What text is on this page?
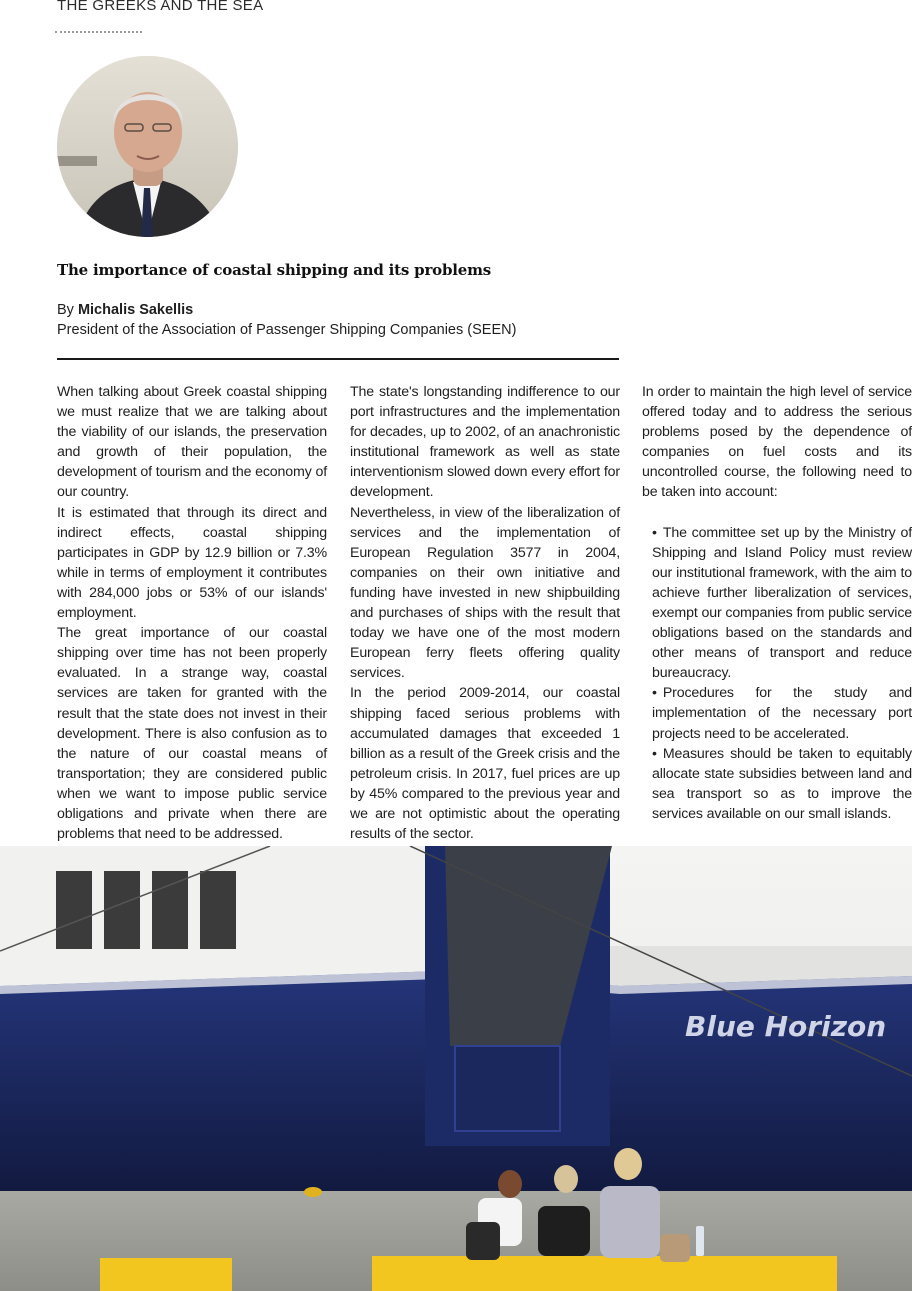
THE GREEKS AND THE SEA
The importance of coastal shipping and its problems
By Michalis Sakellis
President of the Association of Passenger Shipping Companies (SEEN)

When talking about Greek coastal shipping we must realize that we are talking about the viability of our islands, the preservation and growth of their population, the development of tourism and the economy of our country.

It is estimated that through its direct and indirect effects, coastal shipping participates in GDP by 12.9 billion or 7.3% while in terms of employment it contributes with 284,000 jobs or 53% of our islands' employment.

The great importance of our coastal shipping over time has not been properly evaluated. In a strange way, coastal services are taken for granted with the result that the state does not invest in their development. There is also confusion as to the nature of our coastal means of transportation; they are considered public when we want to impose public service obligations and private when there are problems that need to be addressed.

The state's longstanding indifference to our port infrastructures and the implementation for decades, up to 2002, of an anachronistic institutional framework as well as state interventionism slowed down every effort for development.

Nevertheless, in view of the liberalization of services and the implementation of European Regulation 3577 in 2004, companies on their own initiative and funding have invested in new shipbuilding and purchases of ships with the result that today we have one of the most modern European ferry fleets offering quality services.

In the period 2009-2014, our coastal shipping faced serious problems with accumulated damages that exceeded 1 billion as a result of the Greek crisis and the petroleum crisis. In 2017, fuel prices are up by 45% compared to the previous year and we are not optimistic about the operating results of the sector.

In order to maintain the high level of service offered today and to address the serious problems posed by the dependence of companies on fuel costs and its uncontrolled course, the following need to be taken into account:

• The committee set up by the Ministry of Shipping and Island Policy must review our institutional framework, with the aim to achieve further liberalization of services, exempt our companies from public service obligations based on the standards and other means of transport and reduce bureaucracy.
• Procedures for the study and implementation of the necessary port projects need to be accelerated.
• Measures should be taken to equitably allocate state subsidies between land and sea transport so as to improve the services available on our small islands.
Blue Horizon
